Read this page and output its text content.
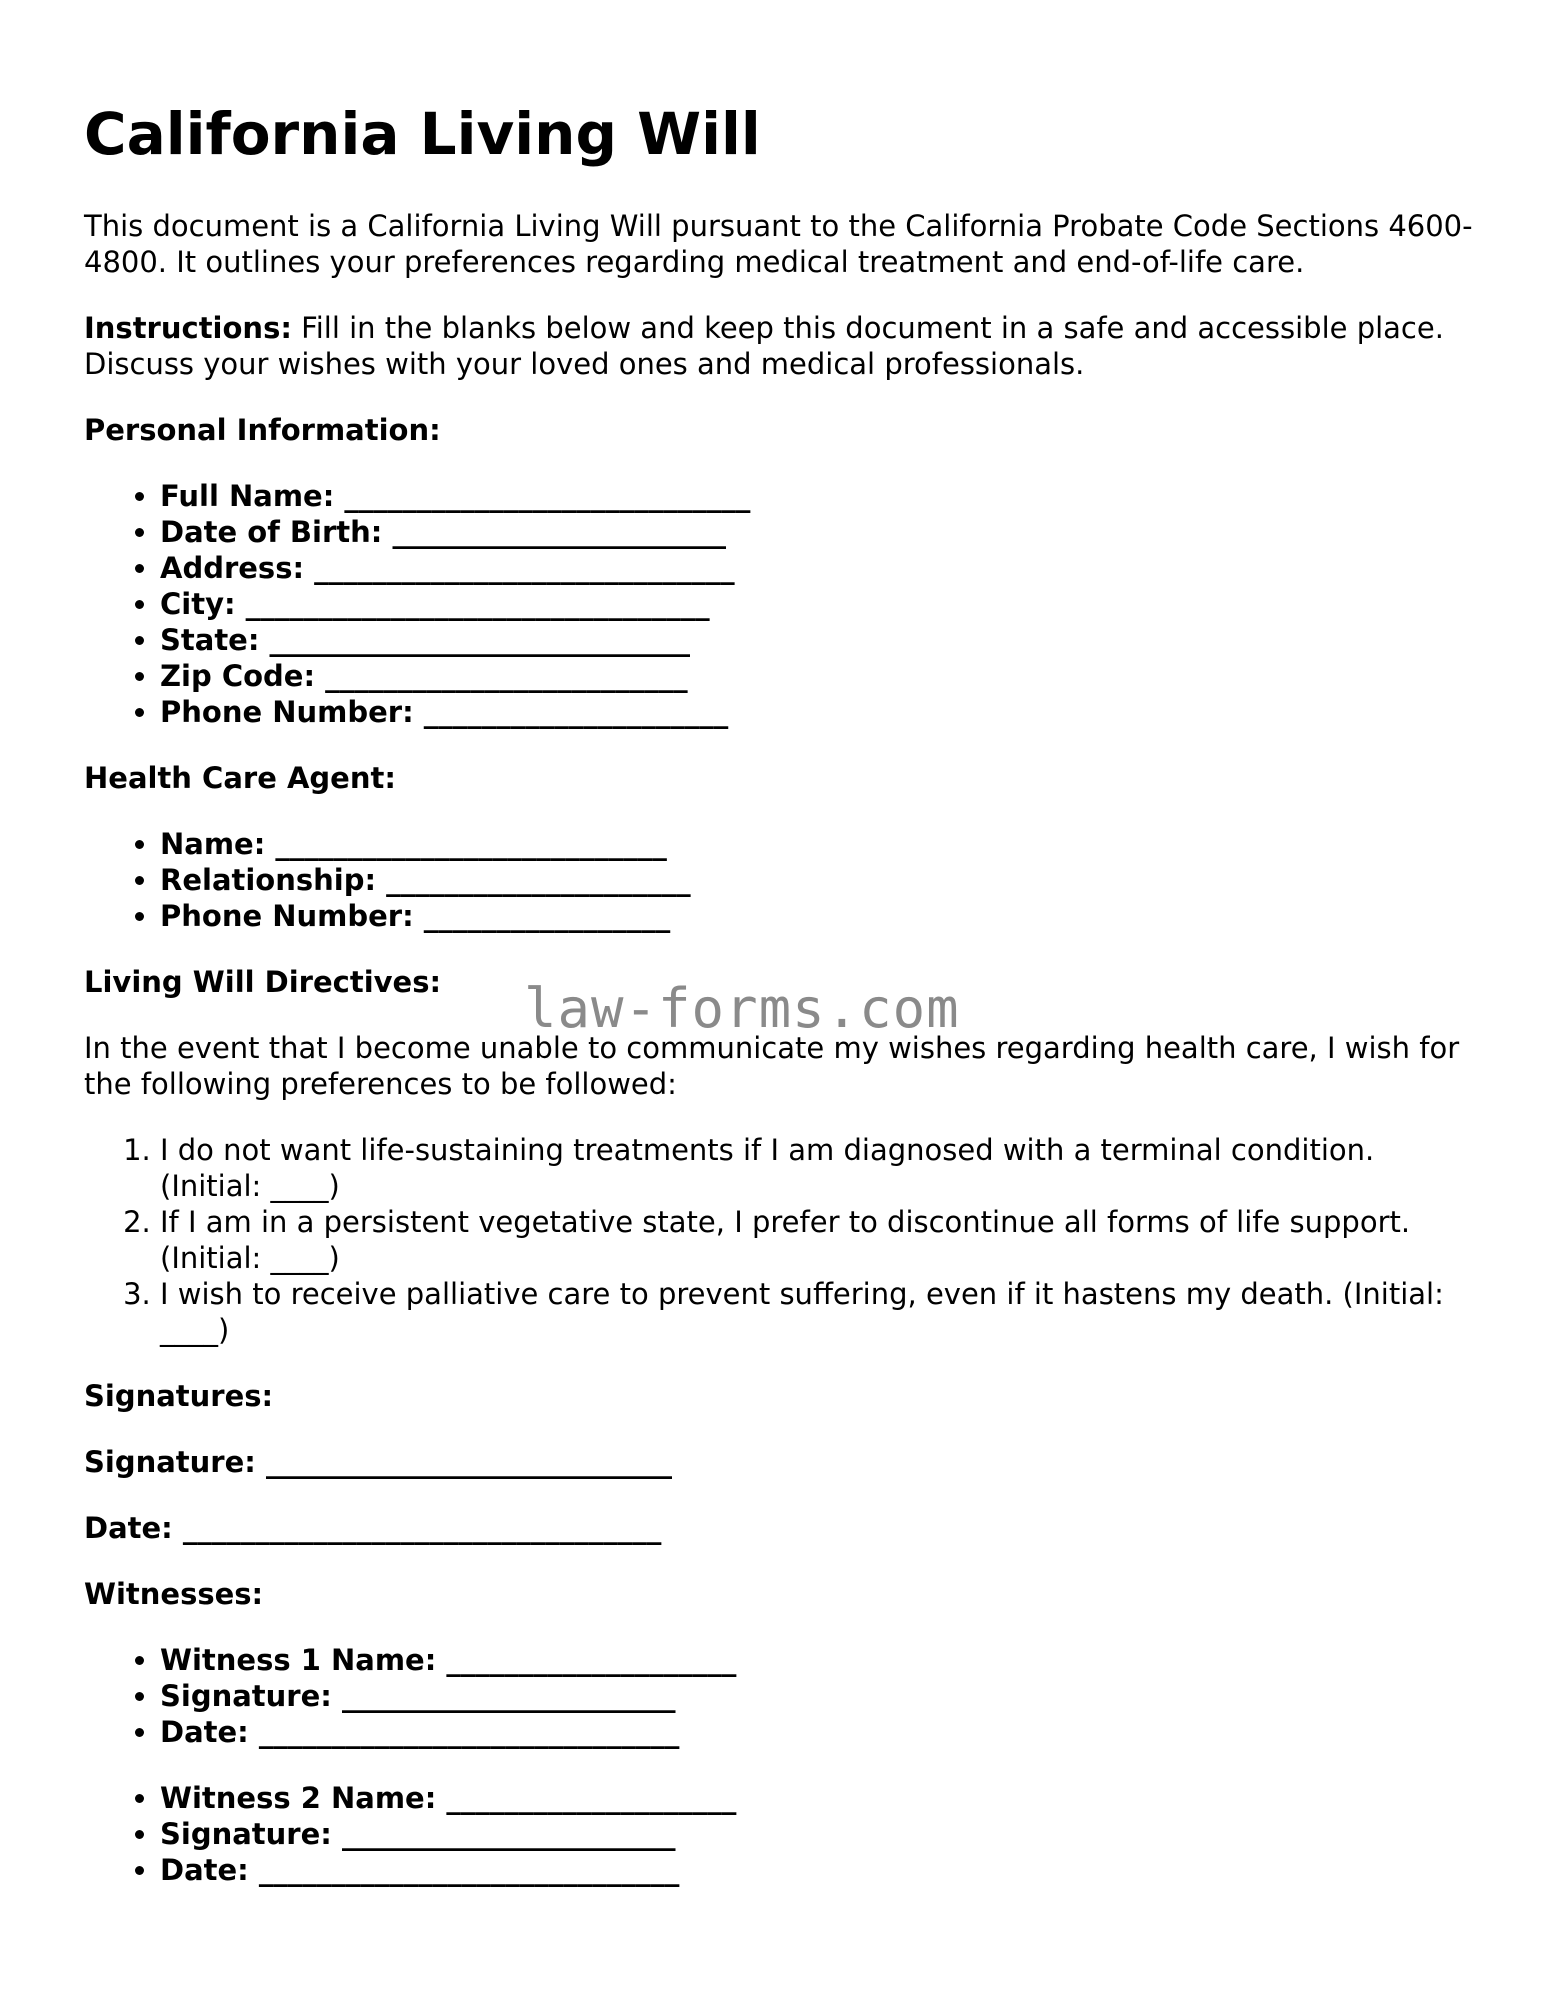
California Living Will

This document is a California Living Will pursuant to the California Probate Code Sections 4600-4800. It outlines your preferences regarding medical treatment and end-of-life care.

Instructions: Fill in the blanks below and keep this document in a safe and accessible place. Discuss your wishes with your loved ones and medical professionals.

Personal Information:

• Full Name: ____________________________
• Date of Birth: _______________________
• Address: _____________________________
• City: ________________________________
• State: _____________________________
• Zip Code: _________________________
• Phone Number: _____________________

Health Care Agent:

• Name: ___________________________
• Relationship: _____________________
• Phone Number: _________________

Living Will Directives:

In the event that I become unable to communicate my wishes regarding health care, I wish for the following preferences to be followed:

1. I do not want life-sustaining treatments if I am diagnosed with a terminal condition. (Initial: ____)
2. If I am in a persistent vegetative state, I prefer to discontinue all forms of life support. (Initial: ____)
3. I wish to receive palliative care to prevent suffering, even if it hastens my death. (Initial: ____)

Signatures:

Signature: ____________________________

Date: _________________________________

Witnesses:

• Witness 1 Name: ____________________
• Signature: _______________________
• Date: _____________________________
• Witness 2 Name: ____________________
• Signature: _______________________
• Date: _____________________________
law-forms.com
